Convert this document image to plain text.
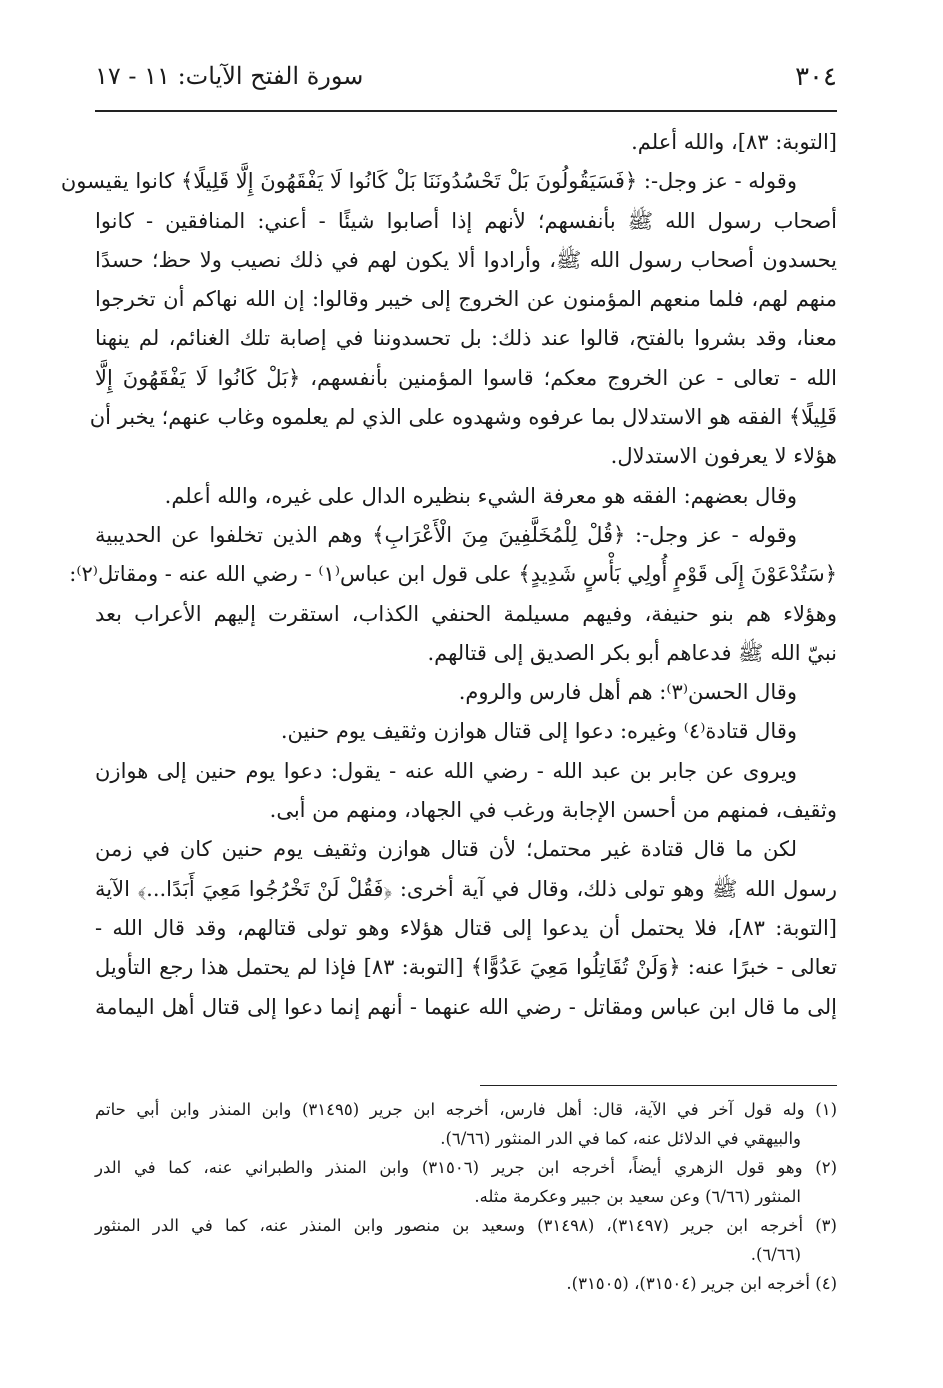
٣٠٤
سورة الفتح الآيات: ١١ - ١٧
[التوبة: ٨٣]، والله أعلم.
وقوله - عز وجل-: ﴿فَسَيَقُولُونَ بَلْ تَحْسُدُونَنَا بَلْ كَانُوا لَا يَفْقَهُونَ إِلَّا قَلِيلًا﴾ كانوا يقيسون
أصحاب رسول الله ﷺ بأنفسهم؛ لأنهم إذا أصابوا شيئًا - أعني: المنافقين - كانوا
يحسدون أصحاب رسول الله ﷺ، وأرادوا ألا يكون لهم في ذلك نصيب ولا حظ؛ حسدًا
منهم لهم، فلما منعهم المؤمنون عن الخروج إلى خيبر وقالوا: إن الله نهاكم أن تخرجوا
معنا، وقد بشروا بالفتح، قالوا عند ذلك: بل تحسدوننا في إصابة تلك الغنائم، لم ينهنا
الله - تعالى - عن الخروج معكم؛ قاسوا المؤمنين بأنفسهم، ﴿بَلْ كَانُوا لَا يَفْقَهُونَ إِلَّا
قَلِيلًا﴾ الفقه هو الاستدلال بما عرفوه وشهدوه على الذي لم يعلموه وغاب عنهم؛ يخبر أن
هؤلاء لا يعرفون الاستدلال.
وقال بعضهم: الفقه هو معرفة الشيء بنظيره الدال على غيره، والله أعلم.
وقوله - عز وجل-: ﴿قُلْ لِلْمُخَلَّفِينَ مِنَ الْأَعْرَابِ﴾ وهم الذين تخلفوا عن الحديبية
﴿سَتُدْعَوْنَ إِلَى قَوْمٍ أُولِي بَأْسٍ شَدِيدٍ﴾ على قول ابن عباس⁽١⁾ - رضي الله عنه - ومقاتل⁽٢⁾:
وهؤلاء هم بنو حنيفة، وفيهم مسيلمة الحنفي الكذاب، استقرت إليهم الأعراب بعد
نبيّ الله ﷺ فدعاهم أبو بكر الصديق إلى قتالهم.
وقال الحسن⁽٣⁾: هم أهل فارس والروم.
وقال قتادة⁽٤⁾ وغيره: دعوا إلى قتال هوازن وثقيف يوم حنين.
ويروى عن جابر بن عبد الله - رضي الله عنه - يقول: دعوا يوم حنين إلى هوازن
وثقيف، فمنهم من أحسن الإجابة ورغب في الجهاد، ومنهم من أبى.
لكن ما قال قتادة غير محتمل؛ لأن قتال هوازن وثقيف يوم حنين كان في زمن
رسول الله ﷺ وهو تولى ذلك، وقال في آية أخرى: ﴿فَقُلْ لَنْ تَخْرُجُوا مَعِيَ أَبَدًا...﴾ الآية
[التوبة: ٨٣]، فلا يحتمل أن يدعوا إلى قتال هؤلاء وهو تولى قتالهم، وقد قال الله -
تعالى - خبرًا عنه: ﴿وَلَنْ تُقَاتِلُوا مَعِيَ عَدُوًّا﴾ [التوبة: ٨٣] فإذا لم يحتمل هذا رجع التأويل
إلى ما قال ابن عباس ومقاتل - رضي الله عنهما - أنهم إنما دعوا إلى قتال أهل اليمامة
(١) وله قول آخر في الآية، قال: أهل فارس، أخرجه ابن جرير (٣١٤٩٥) وابن المنذر وابن أبي حاتم
والبيهقي في الدلائل عنه، كما في الدر المنثور (٦/٦٦).
(٢) وهو قول الزهري أيضاً، أخرجه ابن جرير (٣١٥٠٦) وابن المنذر والطبراني عنه، كما في الدر
المنثور (٦/٦٦) وعن سعيد بن جبير وعكرمة مثله.
(٣) أخرجه ابن جرير (٣١٤٩٧)، (٣١٤٩٨) وسعيد بن منصور وابن المنذر عنه، كما في الدر المنثور
(٦/٦٦).
(٤) أخرجه ابن جرير (٣١٥٠٤)، (٣١٥٠٥).
